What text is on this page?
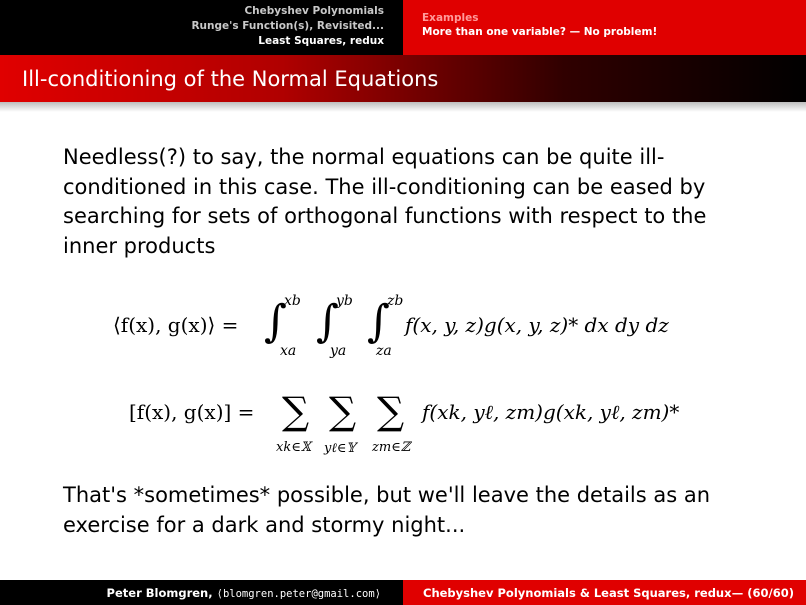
Chebyshev Polynomials
Runge's Function(s), Revisited...
Least Squares, redux
Examples
More than one variable? — No problem!
Ill-conditioning of the Normal Equations
Needless(?) to say, the normal equations can be quite ill-conditioned in this case. The ill-conditioning can be eased by searching for sets of orthogonal functions with respect to the inner products
⟨f(x), g(x)⟩ = ∫
xb
xa
∫
yb
ya
∫
zb
za
f(x, y, z)g(x, y, z)* dx dy dz
[f(x), g(x)] = ∑
xk∈𝕏
∑
yℓ∈𝕐
∑
zm∈ℤ
f(xk, yℓ, zm)g(xk, yℓ, zm)*
That's *sometimes* possible, but we'll leave the details as an exercise for a dark and stormy night...
Peter Blomgren, ⟨blomgren.peter@gmail.com⟩	Chebyshev Polynomials & Least Squares, redux — (60/60)
